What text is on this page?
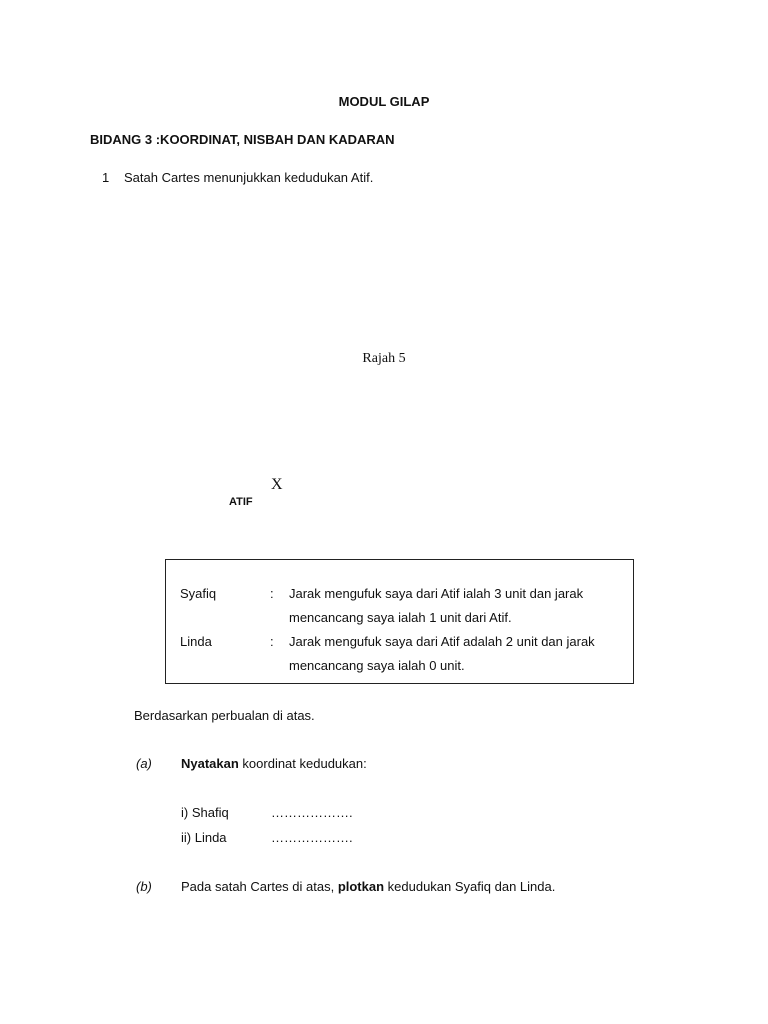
MODUL GILAP
BIDANG 3 :KOORDINAT, NISBAH DAN KADARAN
1 Satah Cartes menunjukkan kedudukan Atif.
Rajah 5
X
ATIF
Syafiq	: Jarak mengufuk saya dari Atif ialah 3 unit dan jarak
mencancang saya ialah 1 unit dari Atif.
Linda	: Jarak mengufuk saya dari Atif adalah 2 unit dan jarak
mencancang saya ialah 0 unit.
Berdasarkan perbualan di atas.
(a) Nyatakan koordinat kedudukan:
i) Shafiq	……………….
ii) Linda	……………….
(b) Pada satah Cartes di atas, plotkan kedudukan Syafiq dan Linda.
